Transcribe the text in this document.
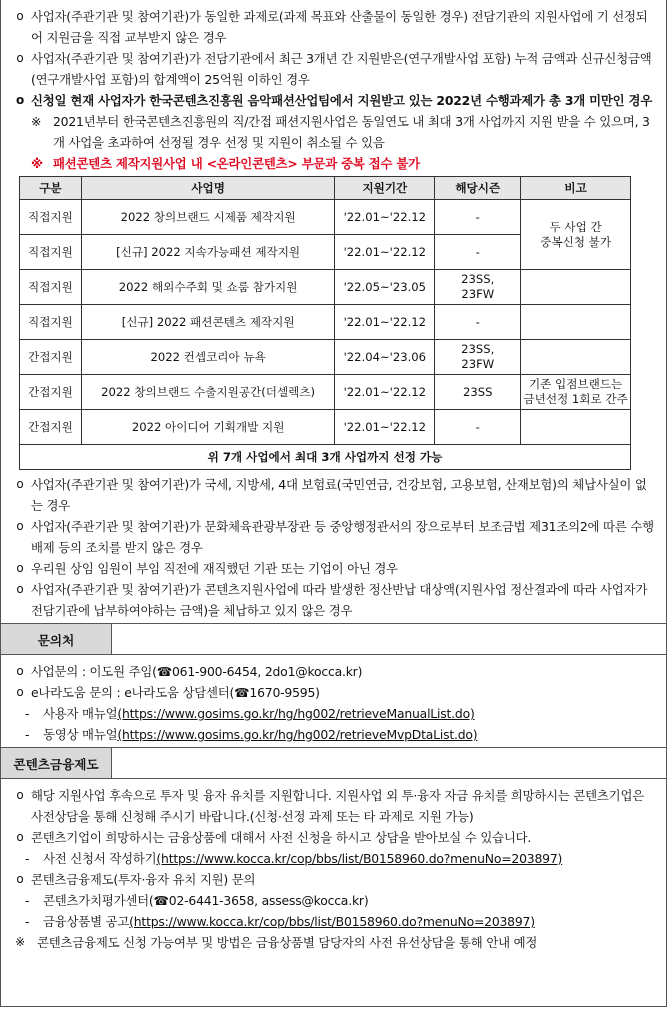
o 사업자(주관기관 및 참여기관)가 동일한 과제로(과제 목표와 산출물이 동일한 경우) 전담기관의 지원사업에 기 선정되어 지원금을 직접 교부받지 않은 경우
o 사업자(주관기관 및 참여기관)가 전담기관에서 최근 3개년 간 지원받은(연구개발사업 포함) 누적 금액과 신규신청금액(연구개발사업 포함)의 합계액이 25억원 이하인 경우
o 신청일 현재 사업자가 한국콘텐츠진흥원 음악패션산업팀에서 지원받고 있는 2022년 수행과제가 총 3개 미만인 경우
※ 2021년부터 한국콘텐츠진흥원의 직/간접 패션지원사업은 동일연도 내 최대 3개 사업까지 지원 받을 수 있으며, 3개 사업을 초과하여 선정될 경우 선정 및 지원이 취소될 수 있음
※ 패션콘텐츠 제작지원사업 내 <온라인콘텐츠> 부문과 중복 접수 불가
구분	사업명	지원기간	해당시즌	비고
직접지원	2022 창의브랜드 시제품 제작지원	'22.01~'22.12	-	두 사업 간
중복신청 불가
직접지원	[신규] 2022 지속가능패션 제작지원	'22.01~'22.12	-	
직접지원	2022 해외수주회 및 쇼룸 참가지원	'22.05~'23.05	23SS,
23FW	
직접지원	[신규] 2022 패션콘텐츠 제작지원	'22.01~'22.12	-	
간접지원	2022 컨셉코리아 뉴욕	'22.04~'23.06	23SS,
23FW	
간접지원	2022 창의브랜드 수출지원공간(더셀렉츠)	'22.01~'22.12	23SS	기존 입점브랜드는
금년선정 1회로 간주
간접지원	2022 아이디어 기획개발 지원	'22.01~'22.12	-	
위 7개 사업에서 최대 3개 사업까지 선정 가능				
o 사업자(주관기관 및 참여기관)가 국세, 지방세, 4대 보험료(국민연금, 건강보험, 고용보험, 산재보험)의 체납사실이 없는 경우
o 사업자(주관기관 및 참여기관)가 문화체육관광부장관 등 중앙행정관서의 장으로부터 보조금법 제31조의2에 따른 수행배제 등의 조치를 받지 않은 경우
o 우리원 상임 임원이 부임 직전에 재직했던 기관 또는 기업이 아닌 경우
o 사업자(주관기관 및 참여기관)가 콘텐츠지원사업에 따라 발생한 정산반납 대상액(지원사업 정산결과에 따라 사업자가 전담기관에 납부하여야하는 금액)을 체납하고 있지 않은 경우
문의처
o 사업문의 : 이도원 주임(☎061-900-6454, 2do1@kocca.kr)
o e나라도움 문의 : e나라도움 상담센터(☎1670-9595)
- 사용자 매뉴얼(https://www.gosims.go.kr/hg/hg002/retrieveManualList.do)
- 동영상 매뉴얼(https://www.gosims.go.kr/hg/hg002/retrieveMvpDtaList.do)
콘텐츠금융제도
o 해당 지원사업 후속으로 투자 및 융자 유치를 지원합니다. 지원사업 외 투·융자 자금 유치를 희망하시는 콘텐츠기업은 사전상담을 통해 신청해 주시기 바랍니다.(신청·선정 과제 또는 타 과제로 지원 가능)
o 콘텐츠기업이 희망하시는 금융상품에 대해서 사전 신청을 하시고 상담을 받아보실 수 있습니다.
- 사전 신청서 작성하기(https://www.kocca.kr/cop/bbs/list/B0158960.do?menuNo=203897)
o 콘텐츠금융제도(투자·융자 유치 지원) 문의
- 콘텐츠가치평가센터(☎02-6441-3658, assess@kocca.kr)
- 금융상품별 공고(https://www.kocca.kr/cop/bbs/list/B0158960.do?menuNo=203897)
※ 콘텐츠금융제도 신청 가능여부 및 방법은 금융상품별 담당자의 사전 유선상담을 통해 안내 예정
